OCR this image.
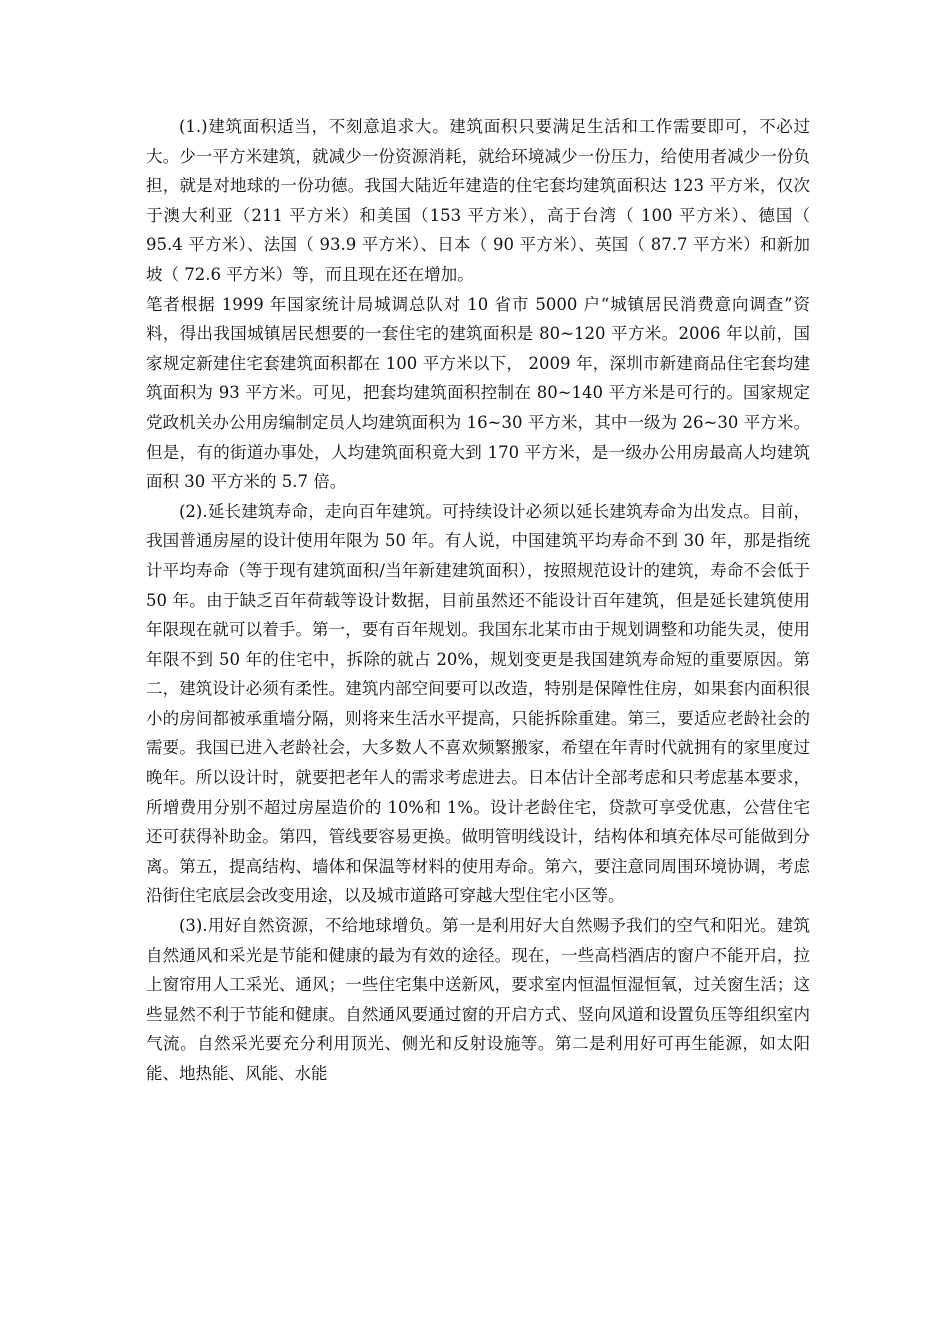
(1.)建筑面积适当，不刻意追求大。建筑面积只要满足生活和工作需要即可，不必过大。少一平方米建筑，就减少一份资源消耗，就给环境减少一份压力，给使用者减少一份负担，就是对地球的一份功德。我国大陆近年建造的住宅套均建筑面积达 123 平方米，仅次于澳大利亚（211 平方米）和美国（153 平方米），高于台湾（ 100 平方米）、德国（ 95.4 平方米）、法国（ 93.9 平方米）、日本（ 90 平方米）、英国（ 87.7 平方米）和新加坡（ 72.6 平方米）等，而且现在还在增加。

笔者根据 1999 年国家统计局城调总队对 10 省市 5000 户“城镇居民消费意向调查”资料，得出我国城镇居民想要的一套住宅的建筑面积是 80~120 平方米。2006 年以前，国家规定新建住宅套建筑面积都在 100 平方米以下， 2009 年，深圳市新建商品住宅套均建筑面积为 93 平方米。可见，把套均建筑面积控制在 80~140 平方米是可行的。国家规定党政机关办公用房编制定员人均建筑面积为 16~30 平方米，其中一级为 26~30 平方米。但是，有的街道办事处，人均建筑面积竟大到 170 平方米，是一级办公用房最高人均建筑面积 30 平方米的 5.7 倍。

(2).延长建筑寿命，走向百年建筑。可持续设计必须以延长建筑寿命为出发点。目前，我国普通房屋的设计使用年限为 50 年。有人说，中国建筑平均寿命不到 30 年，那是指统计平均寿命（等于现有建筑面积/当年新建建筑面积），按照规范设计的建筑，寿命不会低于 50 年。由于缺乏百年荷载等设计数据，目前虽然还不能设计百年建筑，但是延长建筑使用年限现在就可以着手。第一，要有百年规划。我国东北某市由于规划调整和功能失灵，使用年限不到 50 年的住宅中，拆除的就占 20%，规划变更是我国建筑寿命短的重要原因。第二，建筑设计必须有柔性。建筑内部空间要可以改造，特别是保障性住房，如果套内面积很小的房间都被承重墙分隔，则将来生活水平提高，只能拆除重建。第三，要适应老龄社会的需要。我国已进入老龄社会，大多数人不喜欢频繁搬家，希望在年青时代就拥有的家里度过晚年。所以设计时，就要把老年人的需求考虑进去。日本估计全部考虑和只考虑基本要求，所增费用分别不超过房屋造价的 10%和 1%。设计老龄住宅，贷款可享受优惠，公营住宅还可获得补助金。第四，管线要容易更换。做明管明线设计，结构体和填充体尽可能做到分离。第五，提高结构、墙体和保温等材料的使用寿命。第六，要注意同周围环境协调，考虑沿街住宅底层会改变用途，以及城市道路可穿越大型住宅小区等。

(3).用好自然资源，不给地球增负。第一是利用好大自然赐予我们的空气和阳光。建筑自然通风和采光是节能和健康的最为有效的途径。现在，一些高档酒店的窗户不能开启，拉上窗帘用人工采光、通风；一些住宅集中送新风，要求室内恒温恒湿恒氧，过关窗生活；这些显然不利于节能和健康。自然通风要通过窗的开启方式、竖向风道和设置负压等组织室内气流。自然采光要充分利用顶光、侧光和反射设施等。第二是利用好可再生能源，如太阳能、地热能、风能、水能
